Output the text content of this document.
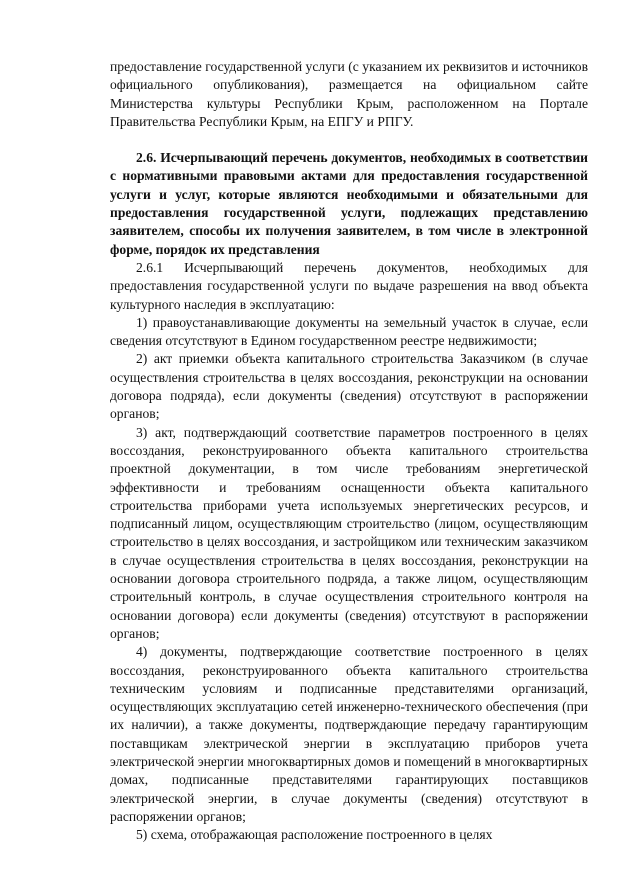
предоставление государственной услуги (с указанием их реквизитов и источников официального опубликования), размещается на официальном сайте Министерства культуры Республики Крым, расположенном на Портале Правительства Республики Крым, на ЕПГУ и РПГУ.

2.6. Исчерпывающий перечень документов, необходимых в соответствии с нормативными правовыми актами для предоставления государственной услуги и услуг, которые являются необходимыми и обязательными для предоставления государственной услуги, подлежащих представлению заявителем, способы их получения заявителем, в том числе в электронной форме, порядок их представления

2.6.1 Исчерпывающий перечень документов, необходимых для предоставления государственной услуги по выдаче разрешения на ввод объекта культурного наследия в эксплуатацию:

1) правоустанавливающие документы на земельный участок в случае, если сведения отсутствуют в Едином государственном реестре недвижимости;

2) акт приемки объекта капитального строительства Заказчиком (в случае осуществления строительства в целях воссоздания, реконструкции на основании договора подряда), если документы (сведения) отсутствуют в распоряжении органов;

3) акт, подтверждающий соответствие параметров построенного в целях воссоздания, реконструированного объекта капитального строительства проектной документации, в том числе требованиям энергетической эффективности и требованиям оснащенности объекта капитального строительства приборами учета используемых энергетических ресурсов, и подписанный лицом, осуществляющим строительство (лицом, осуществляющим строительство в целях воссоздания, и застройщиком или техническим заказчиком в случае осуществления строительства в целях воссоздания, реконструкции на основании договора строительного подряда, а также лицом, осуществляющим строительный контроль, в случае осуществления строительного контроля на основании договора) если документы (сведения) отсутствуют в распоряжении органов;

4) документы, подтверждающие соответствие построенного в целях воссоздания, реконструированного объекта капитального строительства техническим условиям и подписанные представителями организаций, осуществляющих эксплуатацию сетей инженерно-технического обеспечения (при их наличии), а также документы, подтверждающие передачу гарантирующим поставщикам электрической энергии в эксплуатацию приборов учета электрической энергии многоквартирных домов и помещений в многоквартирных домах, подписанные представителями гарантирующих поставщиков электрической энергии, в случае документы (сведения) отсутствуют в распоряжении органов;

5) схема, отображающая расположение построенного в целях
